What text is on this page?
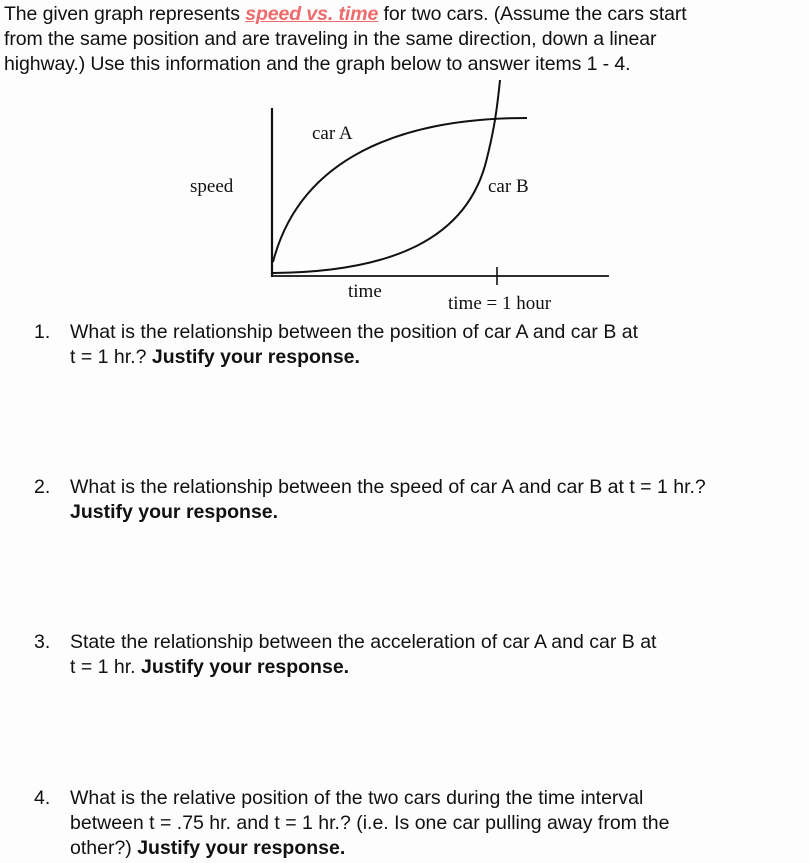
The given graph represents speed vs. time for two cars. (Assume the cars start
from the same position and are traveling in the same direction, down a linear
highway.) Use this information and the graph below to answer items 1 - 4.
car A
speed	car B
time
time = 1 hour
1. What is the relationship between the position of car A and car B at
t = 1 hr.? Justify your response.
2. What is the relationship between the speed of car A and car B at t = 1 hr.?
Justify your response.
3. State the relationship between the acceleration of car A and car B at
t = 1 hr. Justify your response.
4. What is the relative position of the two cars during the time interval
between t = .75 hr. and t = 1 hr.? (i.e. Is one car pulling away from the
other?) Justify your response.
